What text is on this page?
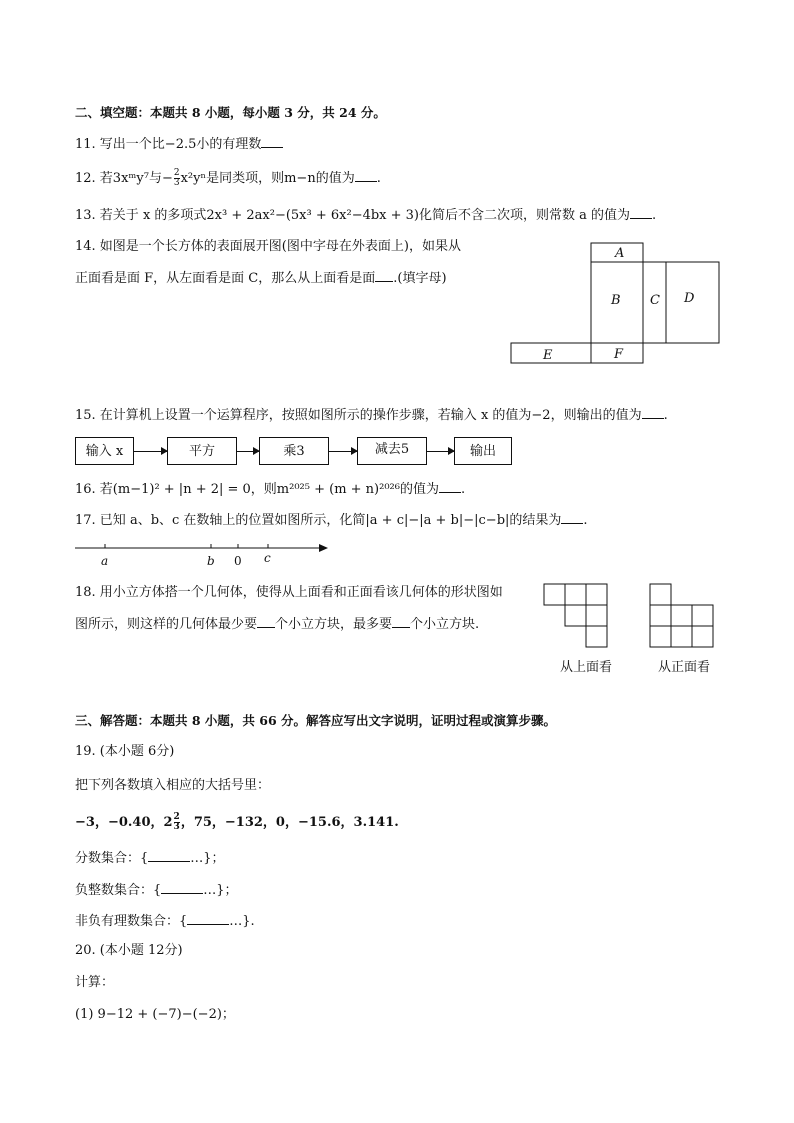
二、填空题：本题共 8 小题，每小题 3 分，共 24 分。
11. 写出一个比−2.5小的有理数
12. 若3xᵐy⁷与− $\frac{2}{3} x^2y^n$是同类项，则m−n的值为 .
13. 若关于 x 的多项式2x³ + 2ax²−(5x³ + 6x²−4bx + 3)化简后不含二次项，则常数 a 的值为 .
14. 如图是一个长方体的表面展开图(图中字母在外表面上)，如果从
正面看是面 F，从左面看是面 C，那么从上面看是面 .(填字母)
A
B C D
E	F
15. 在计算机上设置一个运算程序，按照如图所示的操作步骤，若输入 x 的值为−2，则输出的值为 .
输入 x	平方	乘3	减去5	输出
16. 若(m−1)² + |n + 2| = 0，则m²⁰²⁵ + (m + n)²⁰²⁶的值为 .
17. 已知 a、b、c 在数轴上的位置如图所示，化简|a + c|−|a + b|−|c−b|的结果为 .
a	b 0 c
18. 用小立方体搭一个几何体，使得从上面看和正面看该几何体的形状图如
图所示，则这样的几何体最少要 个小立方块，最多要 个小立方块.
从上面看	从正面看
三、解答题：本题共 8 小题，共 66 分。解答应写出文字说明，证明过程或演算步骤。
19. (本小题 6分)
把下列各数填入相应的大括号里：
−3，−0.40，$2 \frac{2}{3}$ ，75，−132，0，−15.6，3.141.
分数集合：{	…}；
负整数集合：{	…}；
非负有理数集合：{	…}.
20. (本小题 12分)
计算：
(1) 9−12 + (−7)−(−2)；
